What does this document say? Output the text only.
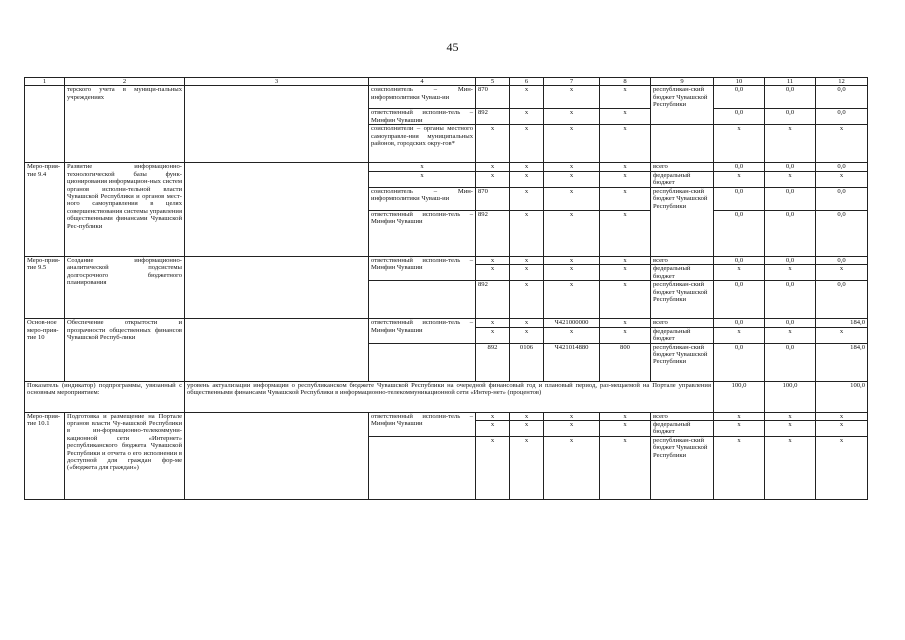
45
1	2	3	4	5	6	7	8	9	10	11	12
	терского учета в муници-пальных учреждениях		соисполнитель – Мин-информполитики Чуваш-ии	870	x	x	x	республикан-ский бюджет Чувашской Республики	0,0	0,0	0,0
			ответственный исполни-тель – Минфин Чувашии	892	x	x	x		0,0	0,0	0,0
			соисполнители – органы местного самоуправле-ния муниципальных районов, городских окру-гов*	x	x	x	x		x	x	x
Меро-прия-тие 9.4	Развитие информационно-технологической базы функ-ционирования информацион-ных систем органов исполни-тельной власти Чувашской Республики и органов мест-ного самоуправления в целях совершенствования системы управления общественными финансами Чувашской Рес-публики		x	x	x	x	x	всего	0,0	0,0	0,0
			x	x	x	x	x	федеральный бюджет	x	x	x
			соисполнитель – Мин-информполитики Чуваш-ии	870	x	x	x	республикан-ский бюджет Чувашской Республики	0,0	0,0	0,0
			ответственный исполни-тель – Минфин Чувашии	892	x	x	x		0,0	0,0	0,0
Меро-прия-тие 9.5	Создание информационно-аналитической подсистемы долгосрочного бюджетного планирования		ответственный исполни-тель – Минфин Чувашии	x	x	x	x	всего	0,0	0,0	0,0
				x	x	x	x	федеральный бюджет	x	x	x
				892	x	x	x	республикан-ский бюджет Чувашской Республики	0,0	0,0	0,0
Основ-ное меро-прия-тие 10	Обеспечение открытости и прозрачности общественных финансов Чувашской Респуб-лики		ответственный исполни-тель – Минфин Чувашии	x	x	Ч421000000	x	всего	0,0	0,0	184,0
				x	x	x	x	федеральный бюджет	x	x	x
				892	0106	Ч421014880	800	республикан-ский бюджет Чувашской Республики	0,0	0,0	184,0
Показатель (индикатор) подпрограммы, увязанный с основным мероприятием:		уровень актуализации информации о республиканском бюджете Чувашской Республики на очередной финансовый год и плановый период, раз-мещаемой на Портале управления общественными финансами Чувашской Республики в информационно-телекоммуникационной сети «Интер-нет» (процентов)							100,0	100,0	100,0
Меро-прия-тие 10.1	Подготовка и размещение на Портале органов власти Чу-вашской Республики в ин-формационно-телекоммуни-кационной сети «Интернет» республиканского бюджета Чувашской Республики и отчета о его исполнении в доступной для граждан фор-ме («бюджета для граждан»)		ответственный исполни-тель – Минфин Чувашии	x	x	x	x	всего	x	x	x
				x	x	x	x	федеральный бюджет	x	x	x
				x	x	x	x	республикан-ский бюджет Чувашской Республики	x	x	x
